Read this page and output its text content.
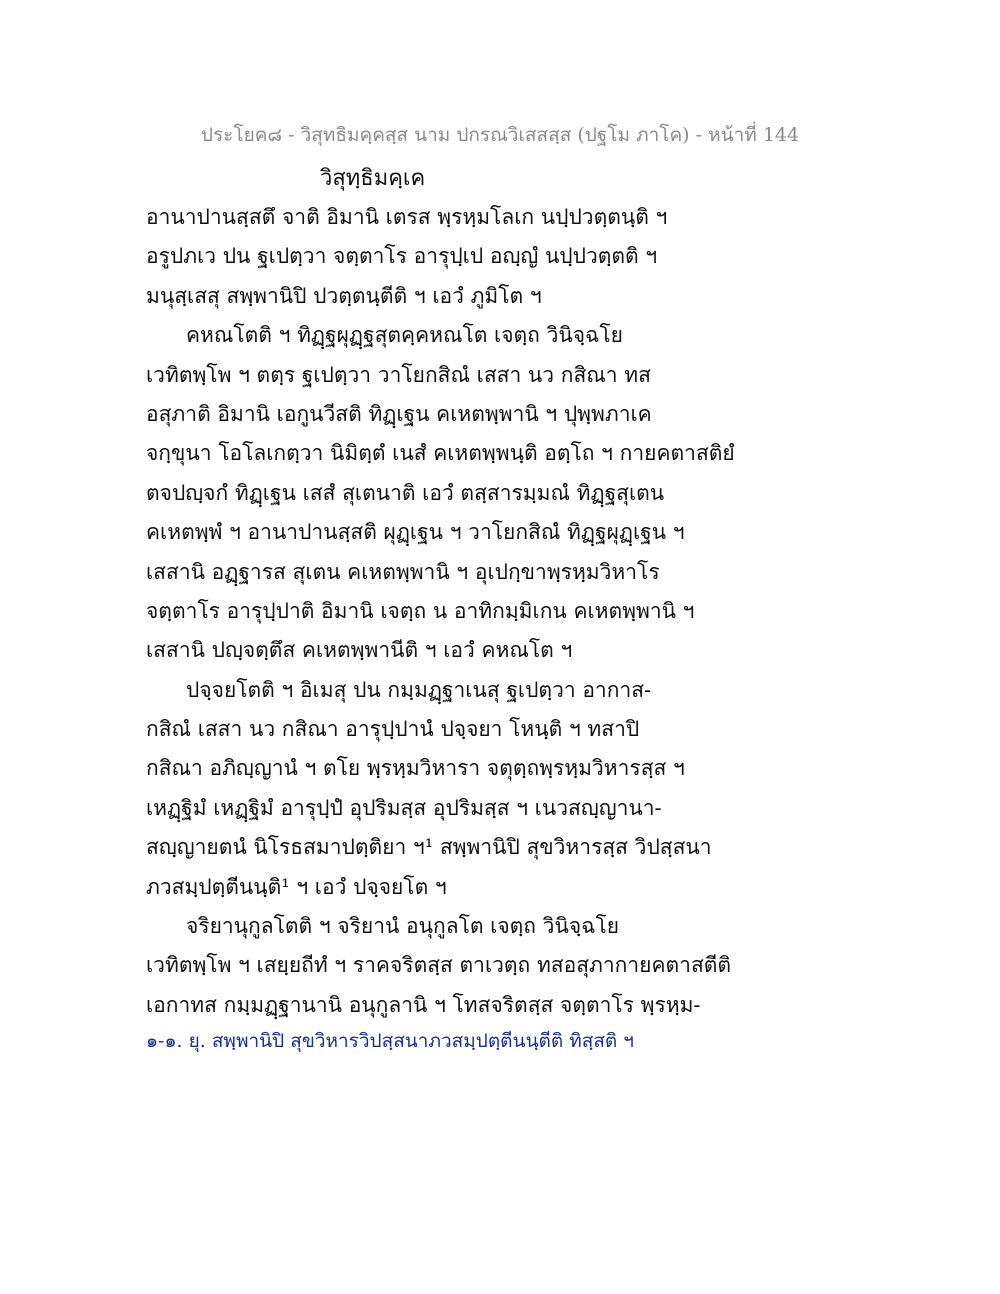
ประโยค๘ - วิสุทธิมคฺคสฺส นาม ปกรณวิเสสสฺส (ปฐโม ภาโค) - หน้าที่ 144
วิสุทฺธิมคฺเค
อานาปานสฺสตึ จาติ อิมานิ เตรส พฺรหฺมโลเก นปฺปวตฺตนฺติ ฯ
อรูปภเว ปน ฐเปตฺวา จตฺตาโร อารุปฺเป อญฺญํ นปฺปวตฺตติ ฯ
มนุสฺเสสุ สพฺพานิปิ ปวตฺตนฺตีติ ฯ เอวํ ภูมิโต ฯ
คหณโตติ ฯ ทิฏฺฐผุฏฺฐสุตคฺคหณโต เจตฺถ วินิจฺฉโย
เวทิตพฺโพ ฯ ตตฺร ฐเปตฺวา วาโยกสิณํ เสสา นว กสิณา ทส
อสุภาติ อิมานิ เอกูนวีสติ ทิฏฺเฐน คเหตพฺพานิ ฯ ปุพฺพภาเค
จกฺขุนา โอโลเกตฺวา นิมิตฺตํ เนสํ คเหตพฺพนฺติ อตฺโถ ฯ กายคตาสติยํ
ตจปญฺจกํ ทิฏฺเฐน เสสํ สุเตนาติ เอวํ ตสฺสารมฺมณํ ทิฏฺฐสุเตน
คเหตพฺพํ ฯ อานาปานสฺสติ ผุฏฺเฐน ฯ วาโยกสิณํ ทิฏฺฐผุฏฺเฐน ฯ
เสสานิ อฏฺฐารส สุเตน คเหตพฺพานิ ฯ อุเปกฺขาพฺรหฺมวิหาโร
จตฺตาโร อารุปฺปาติ อิมานิ เจตฺถ น อาทิกมฺมิเกน คเหตพฺพานิ ฯ
เสสานิ ปญฺจตฺตึส คเหตพฺพานีติ ฯ เอวํ คหณโต ฯ
ปจฺจยโตติ ฯ อิเมสุ ปน กมฺมฏฺฐาเนสุ ฐเปตฺวา อากาส-
กสิณํ เสสา นว กสิณา อารุปฺปานํ ปจฺจยา โหนฺติ ฯ ทสาปิ
กสิณา อภิญฺญานํ ฯ ตโย พฺรหฺมวิหารา จตุตฺถพฺรหฺมวิหารสฺส ฯ
เหฏฺฐิมํ เหฏฺฐิมํ อารุปฺปํ อุปริมสฺส อุปริมสฺส ฯ เนวสญฺญานา-
สญฺญายตนํ นิโรธสมาปตฺติยา ฯ¹ สพฺพานิปิ สุขวิหารสฺส วิปสฺสนา
ภวสมฺปตฺตีนนฺติ¹ ฯ เอวํ ปจฺจยโต ฯ
จริยานุกูลโตติ ฯ จริยานํ อนุกูลโต เจตฺถ วินิจฺฉโย
เวทิตพฺโพ ฯ เสยฺยถีทํ ฯ ราคจริตสฺส ตาเวตฺถ ทสอสุภากายคตาสตีติ
เอกาทส กมฺมฏฺฐานานิ อนุกูลานิ ฯ โทสจริตสฺส จตฺตาโร พฺรหฺม-
๑-๑. ยุ. สพฺพานิปิ สุขวิหารวิปสฺสนาภวสมฺปตฺตีนนฺตีติ ทิสฺสติ ฯ
